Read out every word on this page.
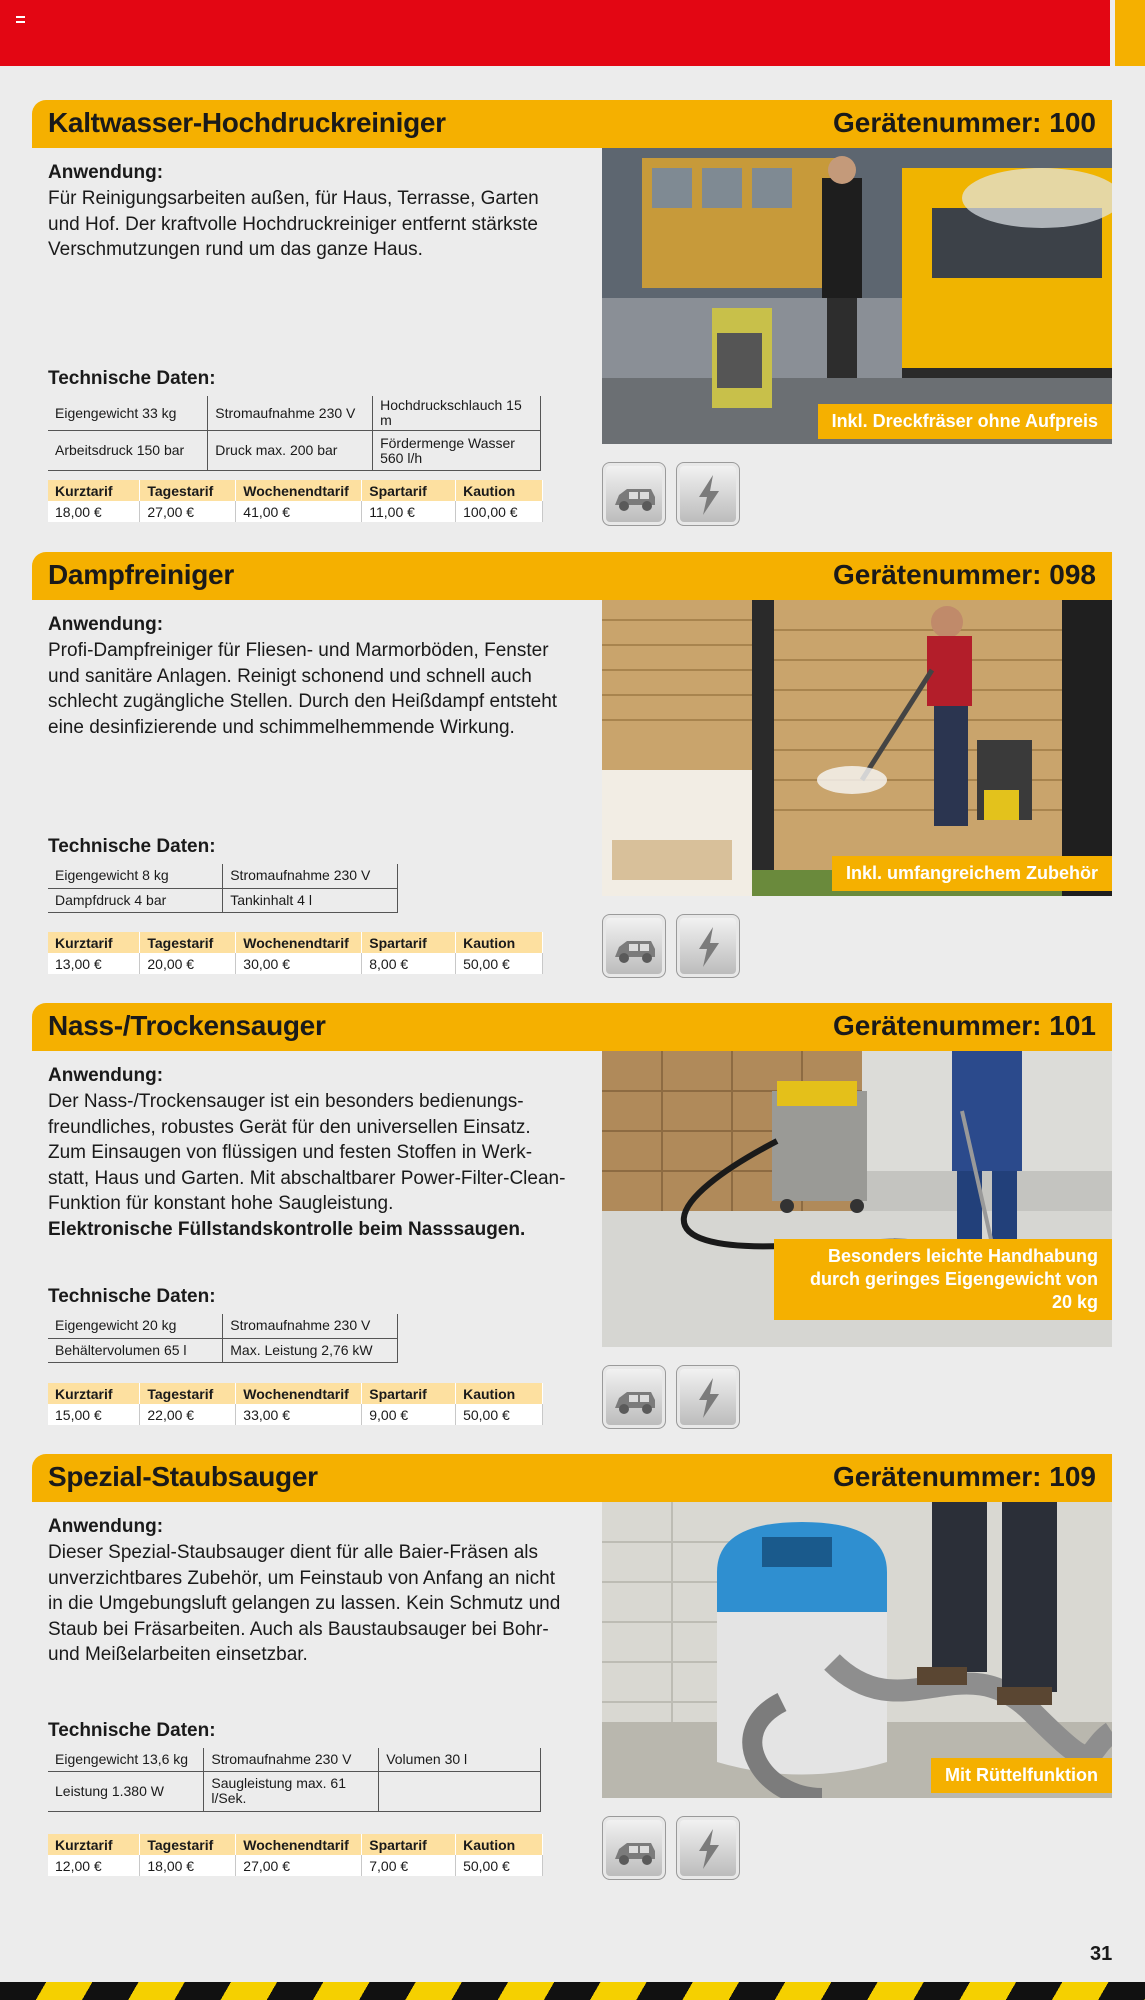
Kaltwasser-Hochdruckreiniger	Gerätenummer: 100
Anwendung:
Für Reinigungsarbeiten außen, für Haus, Terrasse, Garten
und Hof. Der kraftvolle Hochdruckreiniger entfernt stärkste
Verschmutzungen rund um das ganze Haus.
Technische Daten:
Eigengewicht 33 kg	Stromaufnahme 230 V	Hochdruckschlauch 15 m
Arbeitsdruck 150 bar	Druck max. 200 bar	Fördermenge Wasser 560 l/h
Kurztarif	Tagestarif	Wochenendtarif	Spartarif	Kaution
18,00 €	27,00 €	41,00 €	11,00 €	100,00 €
Inkl. Dreckfräser ohne Aufpreis
Dampfreiniger	Gerätenummer: 098
Anwendung:
Profi-Dampfreiniger für Fliesen- und Marmorböden, Fenster
und sanitäre Anlagen. Reinigt schonend und schnell auch
schlecht zugängliche Stellen. Durch den Heißdampf entsteht
eine desinfizierende und schimmelhemmende Wirkung.
Technische Daten:
Eigengewicht 8 kg	Stromaufnahme 230 V
Dampfdruck 4 bar	Tankinhalt 4 l
Kurztarif	Tagestarif	Wochenendtarif	Spartarif	Kaution
13,00 €	20,00 €	30,00 €	8,00 €	50,00 €
Inkl. umfangreichem Zubehör
Nass-/Trockensauger	Gerätenummer: 101
Anwendung:
Der Nass-/Trockensauger ist ein besonders bedienungs-
freundliches, robustes Gerät für den universellen Einsatz.
Zum Einsaugen von flüssigen und festen Stoffen in Werk-
statt, Haus und Garten. Mit abschaltbarer Power-Filter-Clean-
Funktion für konstant hohe Saugleistung.
Elektronische Füllstandskontrolle beim Nasssaugen.
Technische Daten:
Eigengewicht 20 kg	Stromaufnahme 230 V
Behältervolumen 65 l	Max. Leistung 2,76 kW
Kurztarif	Tagestarif	Wochenendtarif	Spartarif	Kaution
15,00 €	22,00 €	33,00 €	9,00 €	50,00 €
Besonders leichte Handhabung durch geringes Eigengewicht von 20 kg
Spezial-Staubsauger	Gerätenummer: 109
Anwendung:
Dieser Spezial-Staubsauger dient für alle Baier-Fräsen als
unverzichtbares Zubehör, um Feinstaub von Anfang an nicht
in die Umgebungsluft gelangen zu lassen. Kein Schmutz und
Staub bei Fräsarbeiten. Auch als Baustaubsauger bei Bohr-
und Meißelarbeiten einsetzbar.
Technische Daten:
Eigengewicht 13,6 kg	Stromaufnahme 230 V	Volumen 30 l
Leistung 1.380 W	Saugleistung max. 61 l/Sek.	
Kurztarif	Tagestarif	Wochenendtarif	Spartarif	Kaution
12,00 €	18,00 €	27,00 €	7,00 €	50,00 €
Mit Rüttelfunktion
31
